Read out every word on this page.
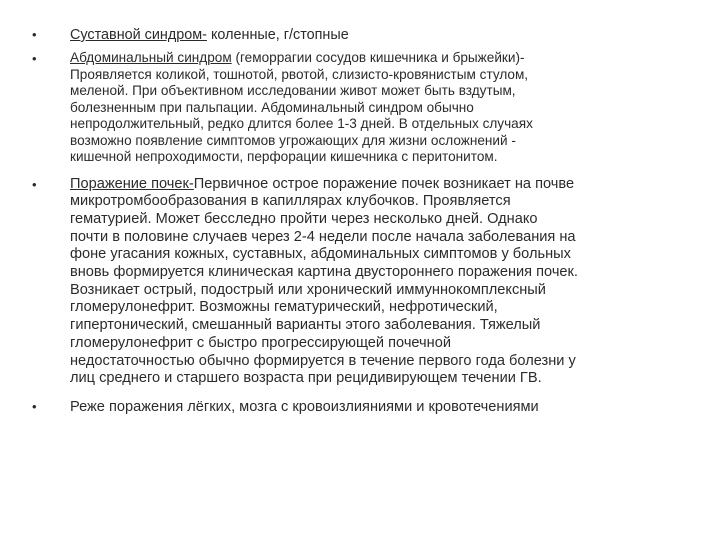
•	Суставной синдром- коленные, г/стопные
•	Абдоминальный синдром (геморрагии сосудов кишечника и брыжейки)-
Проявляется коликой, тошнотой, рвотой, слизисто-кровянистым стулом,
меленой. При объективном исследовании живот может быть вздутым,
болезненным при пальпации. Абдоминальный синдром обычно
непродолжительный, редко длится более 1-3 дней. В отдельных случаях
возможно появление симптомов угрожающих для жизни осложнений -
кишечной непроходимости, перфорации кишечника с перитонитом.
•	Поражение почек-Первичное острое поражение почек возникает на почве
микротромбообразования в капиллярах клубочков. Проявляется
гематурией. Может бесследно пройти через несколько дней. Однако
почти в половине случаев через 2-4 недели после начала заболевания на
фоне угасания кожных, суставных, абдоминальных симптомов у больных
вновь формируется клиническая картина двустороннего поражения почек.
Возникает острый, подострый или хронический иммуннокомплексный
гломерулонефрит. Возможны гематурический, нефротический,
гипертонический, смешанный варианты этого заболевания. Тяжелый
гломерулонефрит с быстро прогрессирующей почечной
недостаточностью обычно формируется в течение первого года болезни у
лиц среднего и старшего возраста при рецидивирующем течении ГВ.
•	Реже поражения лёгких, мозга с кровоизлияниями и кровотечениями
